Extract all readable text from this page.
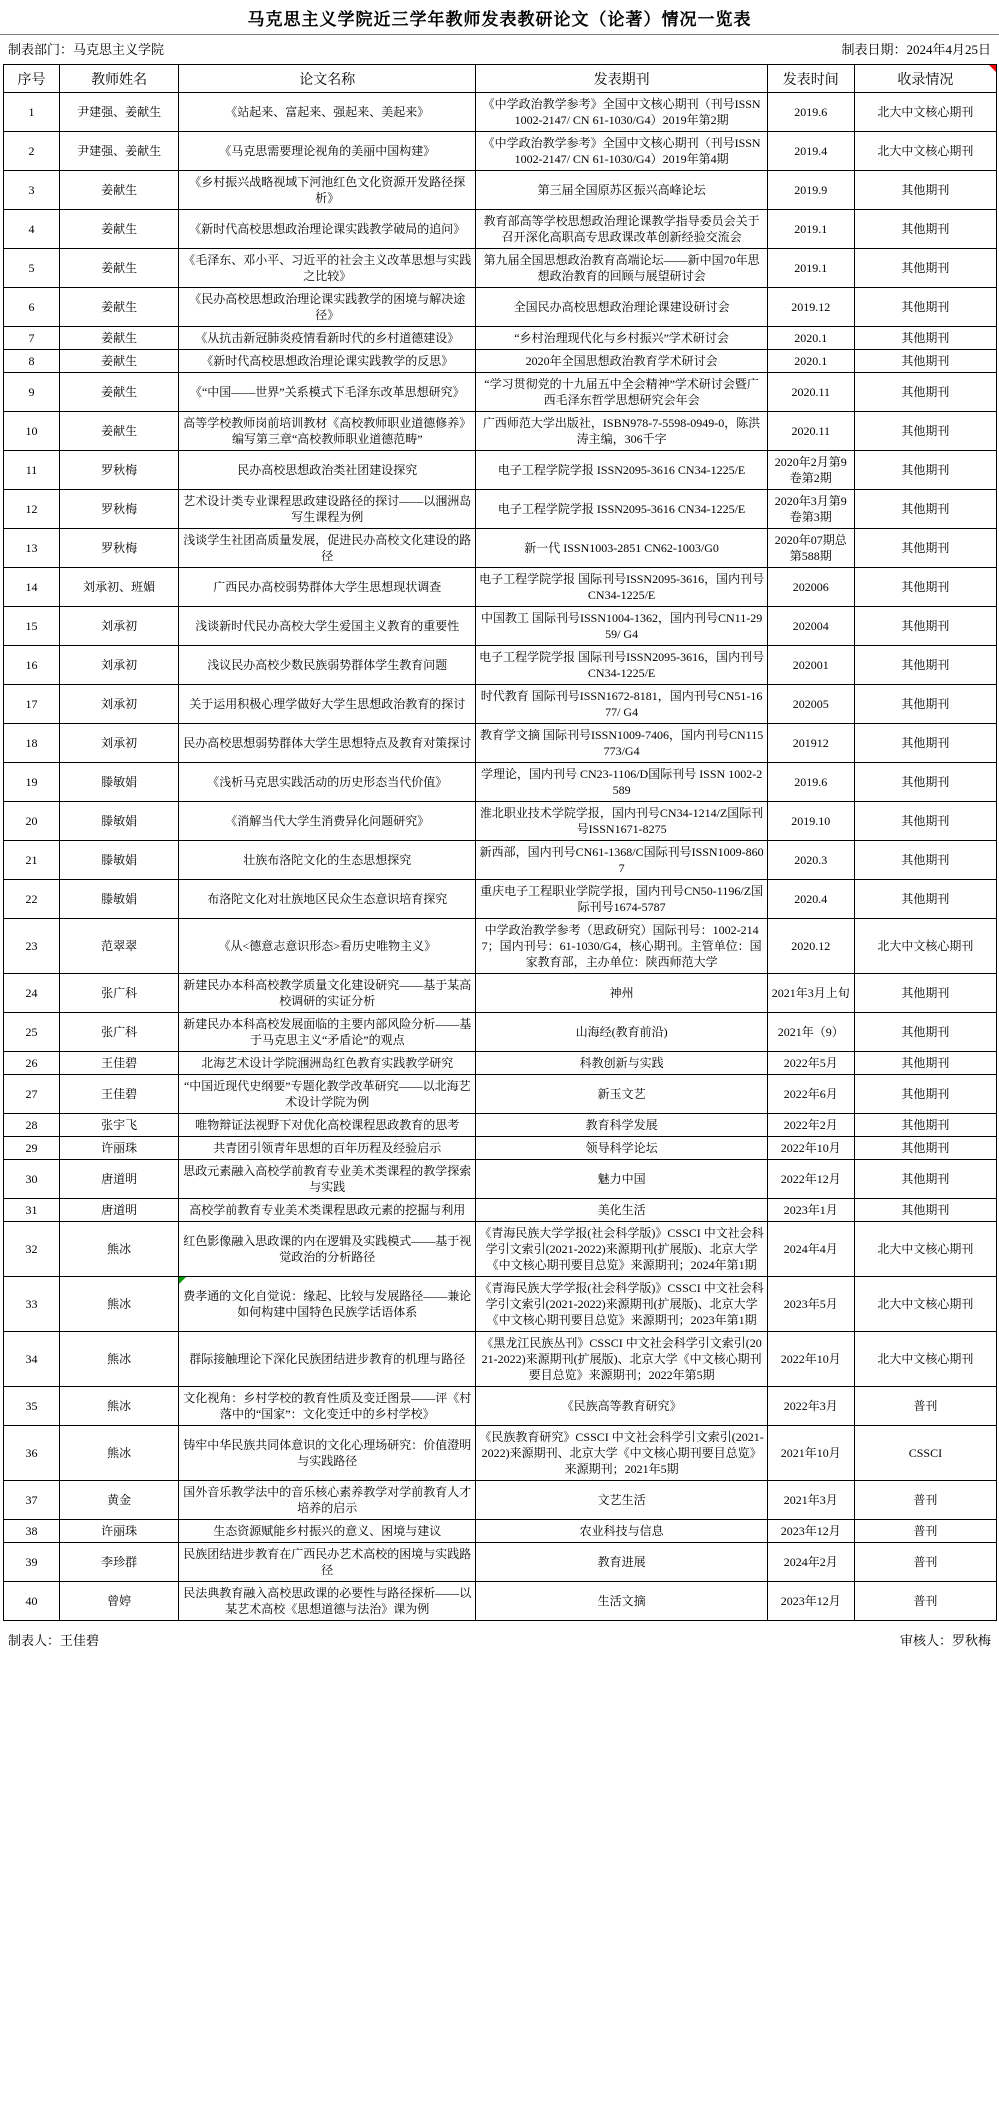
马克思主义学院近三学年教师发表教研论文（论著）情况一览表
制表部门：马克思主义学院	制表日期：2024年4月25日
序号	教师姓名	论文名称	发表期刊	发表时间	收录情况
1	尹建强、姜献生	《站起来、富起来、强起来、美起来》	《中学政治教学参考》全国中文核心期刊（刊号ISSN 1002-2147/ CN 61-1030/G4）2019年第2期	2019.6	北大中文核心期刊
2	尹建强、姜献生	《马克思需要理论视角的美丽中国构建》	《中学政治教学参考》全国中文核心期刊（刊号ISSN 1002-2147/ CN 61-1030/G4）2019年第4期	2019.4	北大中文核心期刊
3	姜献生	《乡村振兴战略视域下河池红色文化资源开发路径探析》	第三届全国原苏区振兴高峰论坛	2019.9	其他期刊
4	姜献生	《新时代高校思想政治理论课实践教学破局的追问》	教育部高等学校思想政治理论课教学指导委员会关于召开深化高职高专思政课改革创新经验交流会	2019.1	其他期刊
5	姜献生	《毛泽东、邓小平、习近平的社会主义改革思想与实践之比较》	第九届全国思想政治教育高端论坛——新中国70年思想政治教育的回顾与展望研讨会	2019.1	其他期刊
6	姜献生	《民办高校思想政治理论课实践教学的困境与解决途径》	全国民办高校思想政治理论课建设研讨会	2019.12	其他期刊
7	姜献生	《从抗击新冠肺炎疫情看新时代的乡村道德建设》	“乡村治理现代化与乡村振兴”学术研讨会	2020.1	其他期刊
8	姜献生	《新时代高校思想政治理论课实践教学的反思》	2020年全国思想政治教育学术研讨会	2020.1	其他期刊
9	姜献生	《“中国——世界”关系模式下毛泽东改革思想研究》	“学习贯彻党的十九届五中全会精神”学术研讨会暨广西毛泽东哲学思想研究会年会	2020.11	其他期刊
10	姜献生	高等学校教师岗前培训教材《高校教师职业道德修养》编写第三章“高校教师职业道德范畴”	广西师范大学出版社，ISBN978-7-5598-0949-0，陈洪涛主编，306千字	2020.11	其他期刊
11	罗秋梅	民办高校思想政治类社团建设探究	电子工程学院学报 ISSN2095-3616 CN34-1225/E	2020年2月第9卷第2期	其他期刊
12	罗秋梅	艺术设计类专业课程思政建设路径的探讨——以涠洲岛写生课程为例	电子工程学院学报 ISSN2095-3616 CN34-1225/E	2020年3月第9卷第3期	其他期刊
13	罗秋梅	浅谈学生社团高质量发展，促进民办高校文化建设的路径	新一代 ISSN1003-2851 CN62-1003/G0	2020年07期总第588期	其他期刊
14	刘承初、班媚	广西民办高校弱势群体大学生思想现状调查	电子工程学院学报 国际刊号ISSN2095-3616，国内刊号CN34-1225/E	202006	其他期刊
15	刘承初	浅谈新时代民办高校大学生爱国主义教育的重要性	中国教工 国际刊号ISSN1004-1362，国内刊号CN11-2959/ G4	202004	其他期刊
16	刘承初	浅议民办高校少数民族弱势群体学生教育问题	电子工程学院学报 国际刊号ISSN2095-3616，国内刊号CN34-1225/E	202001	其他期刊
17	刘承初	关于运用积极心理学做好大学生思想政治教育的探讨	时代教育 国际刊号ISSN1672-8181，国内刊号CN51-1677/ G4	202005	其他期刊
18	刘承初	民办高校思想弱势群体大学生思想特点及教育对策探讨	教育学文摘 国际刊号ISSN1009-7406，国内刊号CN115773/G4	201912	其他期刊
19	滕敏娟	《浅析马克思实践活动的历史形态当代价值》	学理论，国内刊号 CN23-1106/D国际刊号 ISSN 1002-2589	2019.6	其他期刊
20	滕敏娟	《消解当代大学生消费异化问题研究》	淮北职业技术学院学报，国内刊号CN34-1214/Z国际刊号ISSN1671-8275	2019.10	其他期刊
21	滕敏娟	壮族布洛陀文化的生态思想探究	新西部，国内刊号CN61-1368/C国际刊号ISSN1009-8607	2020.3	其他期刊
22	滕敏娟	布洛陀文化对壮族地区民众生态意识培育探究	重庆电子工程职业学院学报，国内刊号CN50-1196/Z国际刊号1674-5787	2020.4	其他期刊
23	范翠翠	《从<德意志意识形态>看历史唯物主义》	中学政治教学参考（思政研究）国际刊号：1002-2147；国内刊号：61-1030/G4，核心期刊。主管单位：国家教育部，主办单位：陕西师范大学	2020.12	北大中文核心期刊
24	张广科	新建民办本科高校教学质量文化建设研究——基于某高校调研的实证分析	神州	2021年3月上旬	其他期刊
25	张广科	新建民办本科高校发展面临的主要内部风险分析——基于马克思主义“矛盾论”的观点	山海经(教育前沿)	2021年（9）	其他期刊
26	王佳碧	北海艺术设计学院涠洲岛红色教育实践教学研究	科教创新与实践	2022年5月	其他期刊
27	王佳碧	“中国近现代史纲要”专题化教学改革研究——以北海艺术设计学院为例	新玉文艺	2022年6月	其他期刊
28	张宇飞	唯物辩证法视野下对优化高校课程思政教育的思考	教育科学发展	2022年2月	其他期刊
29	许丽珠	共青团引领青年思想的百年历程及经验启示	领导科学论坛	2022年10月	其他期刊
30	唐道明	思政元素融入高校学前教育专业美术类课程的教学探索与实践	魅力中国	2022年12月	其他期刊
31	唐道明	高校学前教育专业美术类课程思政元素的挖掘与利用	美化生活	2023年1月	其他期刊
32	熊冰	红色影像融入思政课的内在逻辑及实践模式——基于视觉政治的分析路径	《青海民族大学学报(社会科学版)》CSSCI 中文社会科学引文索引(2021-2022)来源期刊(扩展版)、北京大学《中文核心期刊要目总览》来源期刊；2024年第1期	2024年4月	北大中文核心期刊
33	熊冰	费孝通的文化自觉说：缘起、比较与发展路径——兼论如何构建中国特色民族学话语体系	《青海民族大学学报(社会科学版)》CSSCI 中文社会科学引文索引(2021-2022)来源期刊(扩展版)、北京大学《中文核心期刊要目总览》来源期刊；2023年第1期	2023年5月	北大中文核心期刊
34	熊冰	群际接触理论下深化民族团结进步教育的机理与路径	《黑龙江民族丛刊》CSSCI 中文社会科学引文索引(2021-2022)来源期刊(扩展版)、北京大学《中文核心期刊要目总览》来源期刊；2022年第5期	2022年10月	北大中文核心期刊
35	熊冰	文化视角：乡村学校的教育性质及变迁图景——评《村落中的“国家”：文化变迁中的乡村学校》	《民族高等教育研究》	2022年3月	普刊
36	熊冰	铸牢中华民族共同体意识的文化心理场研究：价值澄明与实践路径	《民族教育研究》CSSCI 中文社会科学引文索引(2021-2022)来源期刊、北京大学《中文核心期刊要目总览》来源期刊；2021年5期	2021年10月	CSSCI
37	黄金	国外音乐教学法中的音乐核心素养教学对学前教育人才培养的启示	文艺生活	2021年3月	普刊
38	许丽珠	生态资源赋能乡村振兴的意义、困境与建议	农业科技与信息	2023年12月	普刊
39	李珍群	民族团结进步教育在广西民办艺术高校的困境与实践路径	教育进展	2024年2月	普刊
40	曾婷	民法典教育融入高校思政课的必要性与路径探析——以某艺术高校《思想道德与法治》课为例	生活文摘	2023年12月	普刊
制表人：王佳碧	审核人：罗秋梅
